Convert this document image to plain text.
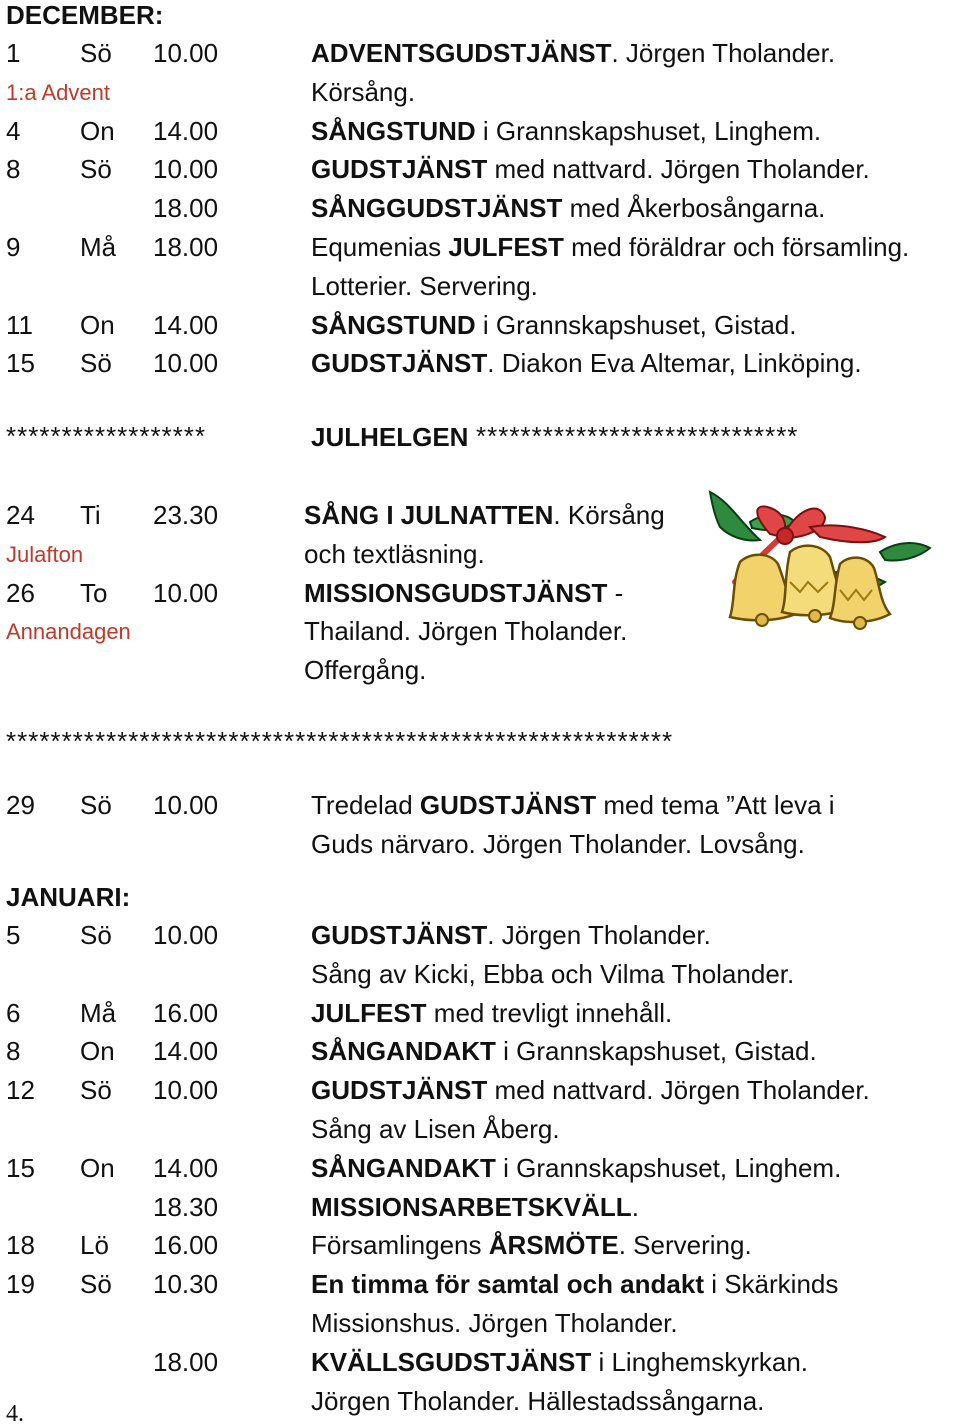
1 Sö 10.00	ADVENTSGUDSTJÄNST. Jörgen Tholander.
1:a Advent	Körsång.
4 On 14.00	SÅNGSTUND i Grannskapshuset, Linghem.
8 Sö 10.00	GUDSTJÄNST med nattvard. Jörgen Tholander.
18.00	SÅNGGUDSTJÄNST med Åkerbosångarna.
9 Må 18.00	Equmenias JULFEST med föräldrar och församling.
Lotterier. Servering.
11 On 14.00	SÅNGSTUND i Grannskapshuset, Gistad.
15 Sö 10.00	GUDSTJÄNST. Diakon Eva Altemar, Linköping.
24 Ti 23.30	SÅNG I JULNATTEN. Körsång
Julafton	och textläsning.
26 To 10.00	MISSIONSGUDSTJÄNST -
Annandagen	Thailand. Jörgen Tholander.
Offergång.
29 Sö 10.00	Tredelad GUDSTJÄNST med tema ”Att leva i
Guds närvaro. Jörgen Tholander. Lovsång.
5 Sö 10.00	GUDSTJÄNST. Jörgen Tholander.
Sång av Kicki, Ebba och Vilma Tholander.
6 Må 16.00	JULFEST med trevligt innehåll.
8 On 14.00	SÅNGANDAKT i Grannskapshuset, Gistad.
12 Sö 10.00	GUDSTJÄNST med nattvard. Jörgen Tholander.
Sång av Lisen Åberg.
15 On 14.00	SÅNGANDAKT i Grannskapshuset, Linghem.
18.30	MISSIONSARBETSKVÄLL.
18 Lö 16.00	Församlingens ÅRSMÖTE. Servering.
19 Sö 10.30	En timma för samtal och andakt i Skärkinds
Missionshus. Jörgen Tholander.
18.00	KVÄLLSGUDSTJÄNST i Linghemskyrkan.
Jörgen Tholander. Hällestadssångarna.
******************	JULHELGEN *****************************
************************************************************
DECEMBER:
JANUARI:
4.
